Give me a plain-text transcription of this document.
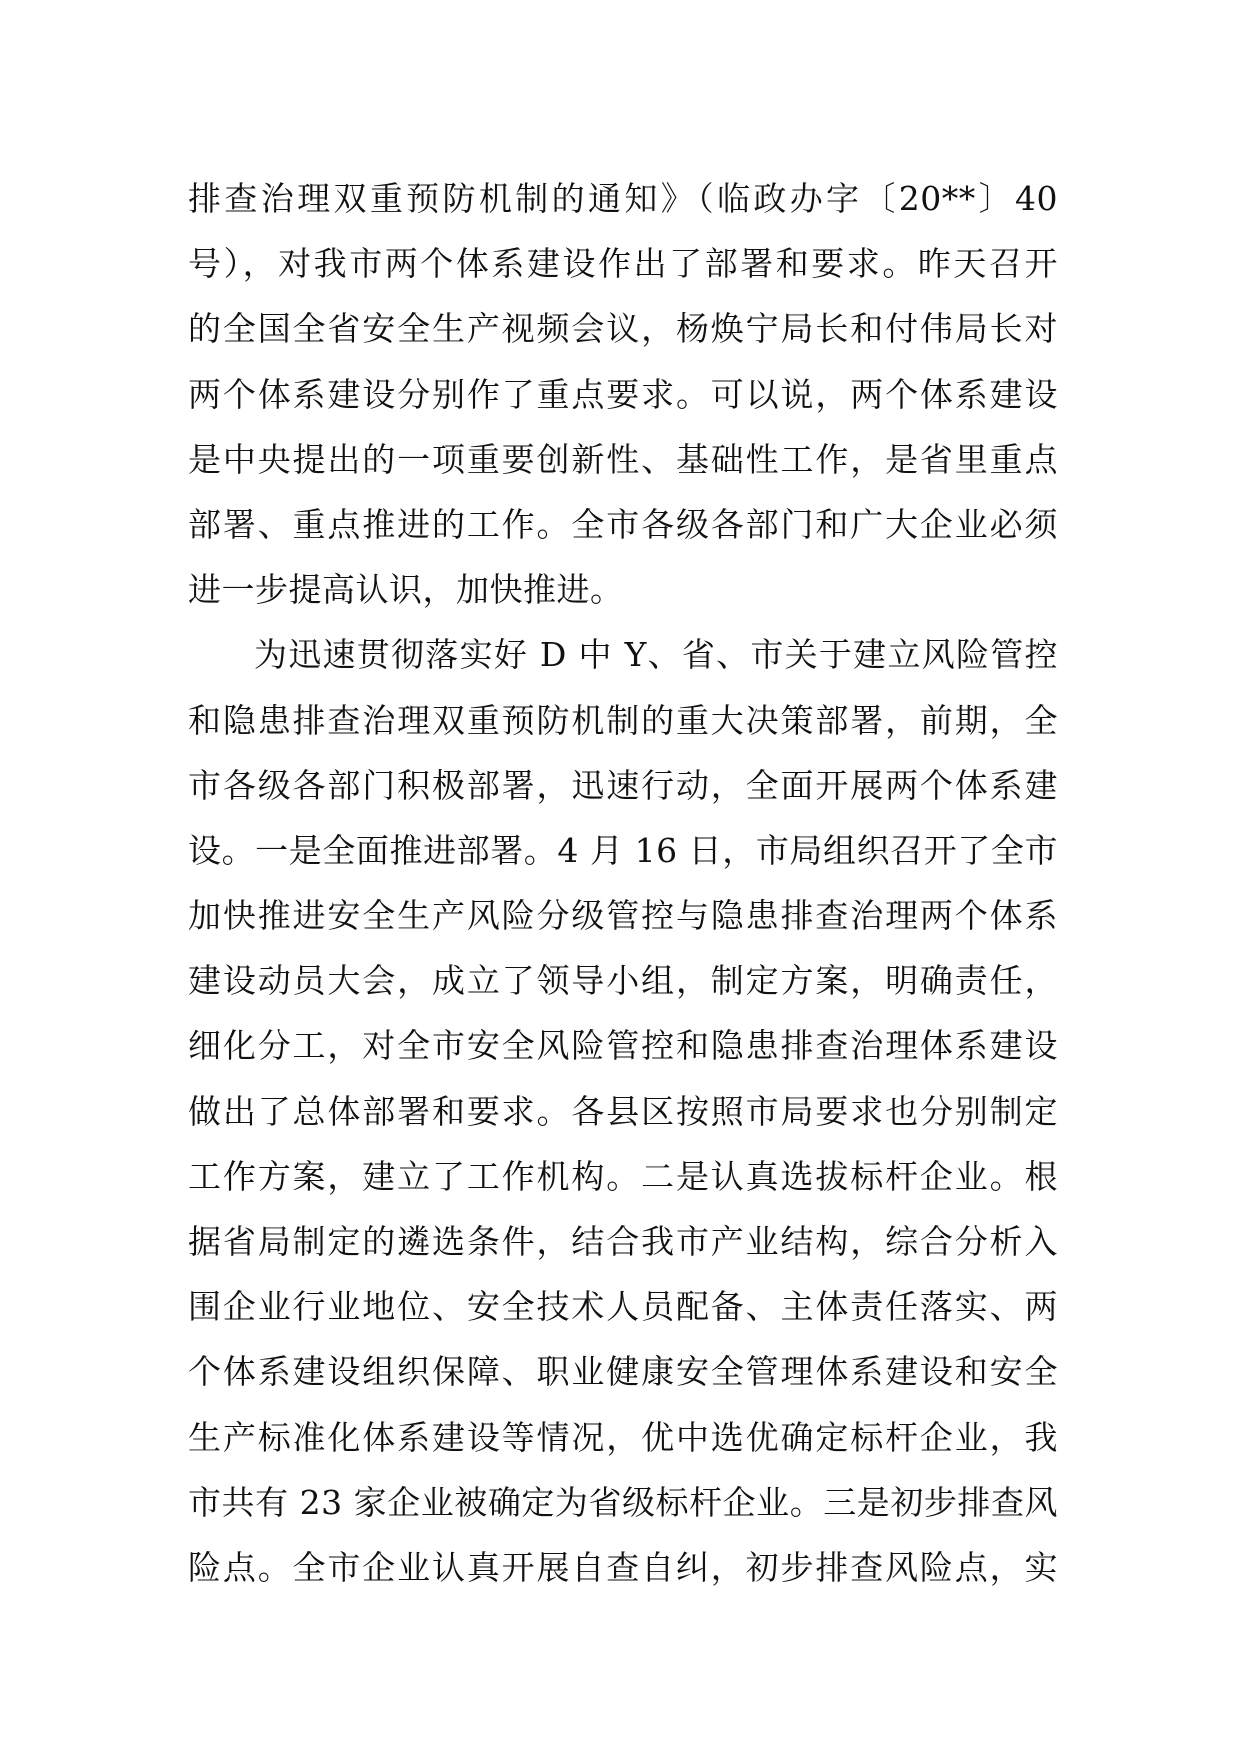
排查治理双重预防机制的通知》（临政办字〔20**〕40
号），对我市两个体系建设作出了部署和要求。昨天召开
的全国全省安全生产视频会议，杨焕宁局长和付伟局长对
两个体系建设分别作了重点要求。可以说，两个体系建设
是中央提出的一项重要创新性、基础性工作，是省里重点
部署、重点推进的工作。全市各级各部门和广大企业必须
进一步提高认识，加快推进。
为迅速贯彻落实好 D 中 Y、省、市关于建立风险管控
和隐患排查治理双重预防机制的重大决策部署，前期，全
市各级各部门积极部署，迅速行动，全面开展两个体系建
设。一是全面推进部署。4 月 16 日，市局组织召开了全市
加快推进安全生产风险分级管控与隐患排查治理两个体系
建设动员大会，成立了领导小组，制定方案，明确责任，
细化分工，对全市安全风险管控和隐患排查治理体系建设
做出了总体部署和要求。各县区按照市局要求也分别制定
工作方案，建立了工作机构。二是认真选拔标杆企业。根
据省局制定的遴选条件，结合我市产业结构，综合分析入
围企业行业地位、安全技术人员配备、主体责任落实、两
个体系建设组织保障、职业健康安全管理体系建设和安全
生产标准化体系建设等情况，优中选优确定标杆企业，我
市共有 23 家企业被确定为省级标杆企业。三是初步排查风
险点。全市企业认真开展自查自纠，初步排查风险点，实
